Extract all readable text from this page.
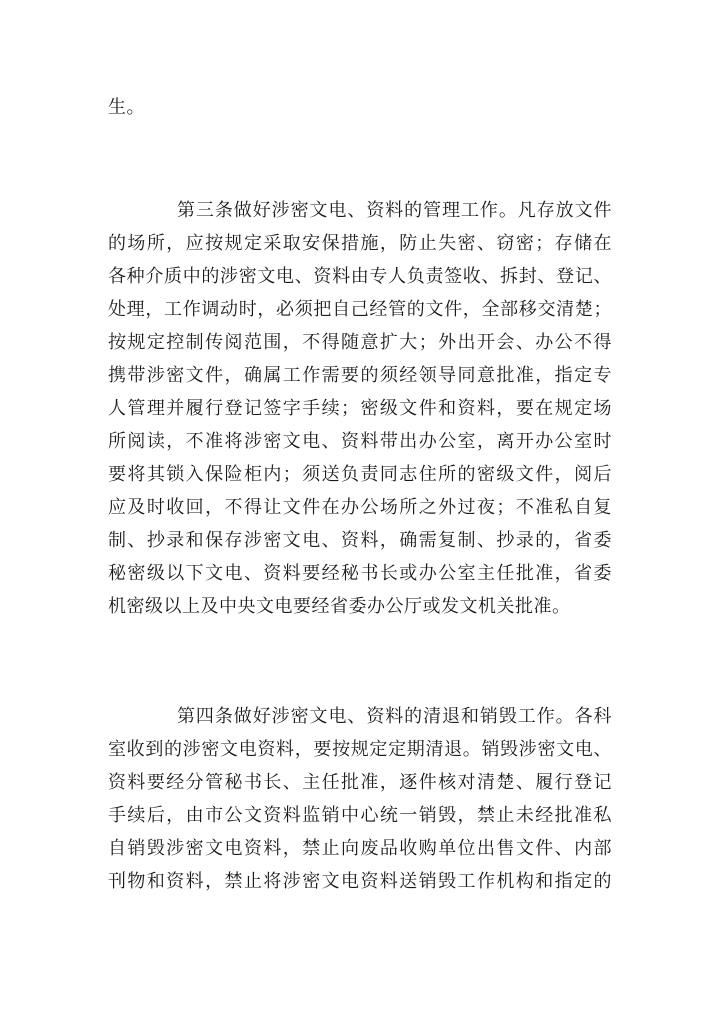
生。
第三条做好涉密文电、资料的管理工作。凡存放文件
的场所，应按规定采取安保措施，防止失密、窃密；存储在
各种介质中的涉密文电、资料由专人负责签收、拆封、登记、
处理，工作调动时，必须把自己经管的文件，全部移交清楚；
按规定控制传阅范围，不得随意扩大；外出开会、办公不得
携带涉密文件，确属工作需要的须经领导同意批准，指定专
人管理并履行登记签字手续；密级文件和资料，要在规定场
所阅读，不准将涉密文电、资料带出办公室，离开办公室时
要将其锁入保险柜内；须送负责同志住所的密级文件，阅后
应及时收回，不得让文件在办公场所之外过夜；不准私自复
制、抄录和保存涉密文电、资料，确需复制、抄录的，省委
秘密级以下文电、资料要经秘书长或办公室主任批准，省委
机密级以上及中央文电要经省委办公厅或发文机关批准。
第四条做好涉密文电、资料的清退和销毁工作。各科
室收到的涉密文电资料，要按规定定期清退。销毁涉密文电、
资料要经分管秘书长、主任批准，逐件核对清楚、履行登记
手续后，由市公文资料监销中心统一销毁，禁止未经批准私
自销毁涉密文电资料，禁止向废品收购单位出售文件、内部
刊物和资料，禁止将涉密文电资料送销毁工作机构和指定的
